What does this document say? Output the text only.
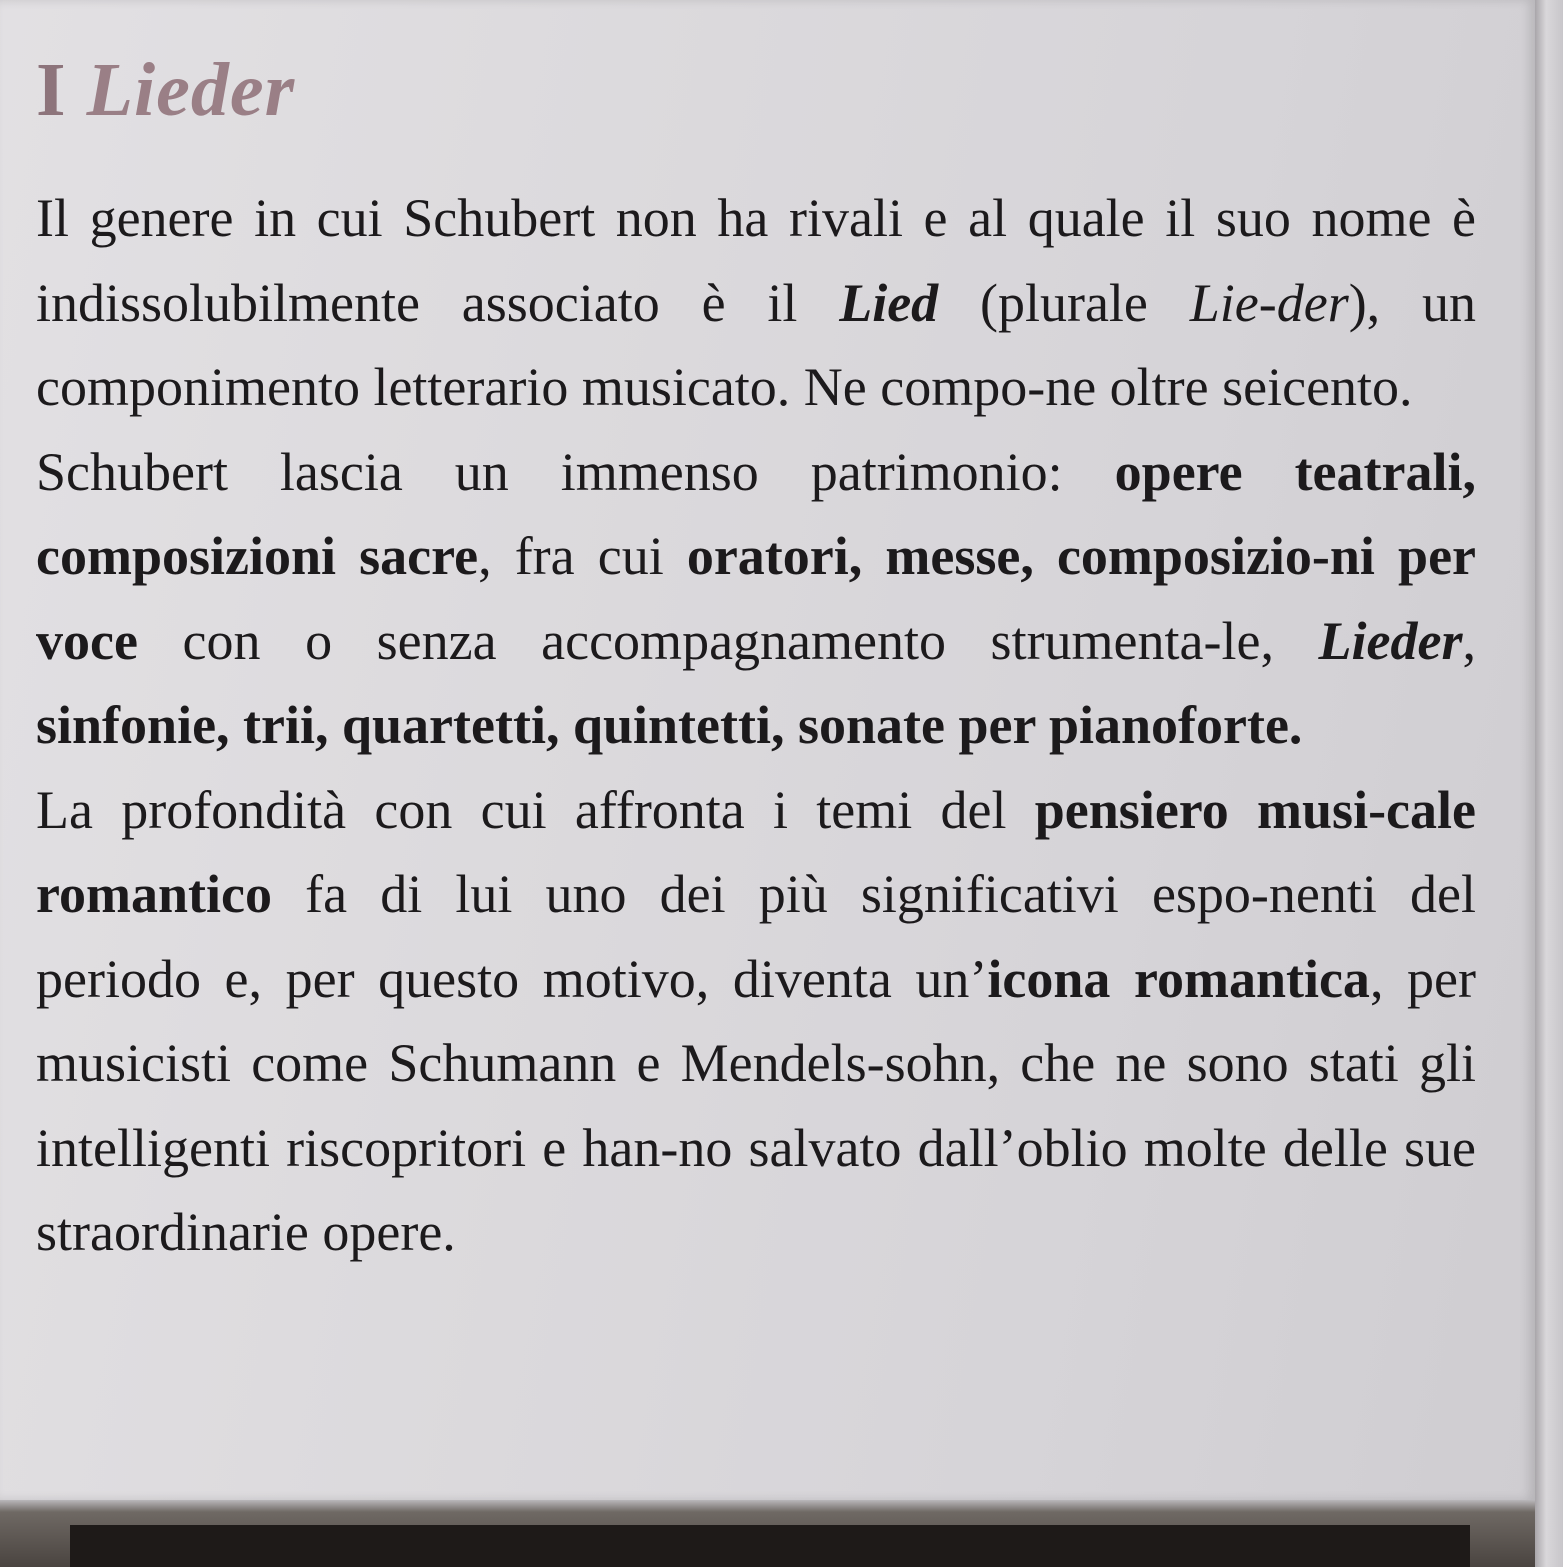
I Lieder

Il genere in cui Schubert non ha rivali e al quale il suo nome è indissolubilmente associato è il Lied (plurale Lie-der), un componimento letterario musicato. Ne compo-ne oltre seicento.

Schubert lascia un immenso patrimonio: opere teatrali, composizioni sacre, fra cui oratori, messe, composizio-ni per voce con o senza accompagnamento strumenta-le, Lieder, sinfonie, trii, quartetti, quintetti, sonate per pianoforte.

La profondità con cui affronta i temi del pensiero musi-cale romantico fa di lui uno dei più significativi espo-nenti del periodo e, per questo motivo, diventa un’icona romantica, per musicisti come Schumann e Mendels-sohn, che ne sono stati gli intelligenti riscopritori e han-no salvato dall’oblio molte delle sue straordinarie opere.
